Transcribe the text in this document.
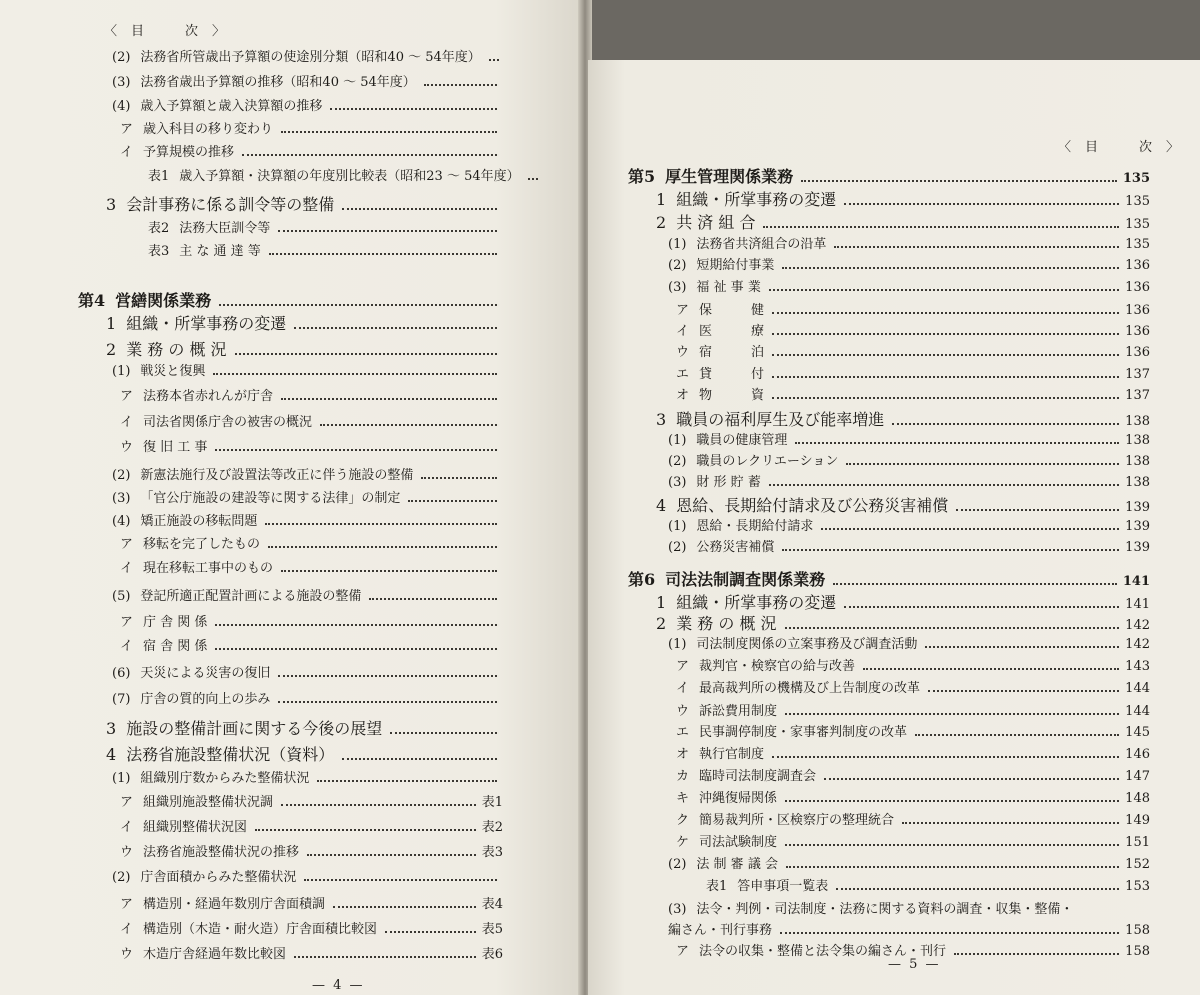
〈目　次〉
(2) 法務省所管歳出予算額の使途別分類（昭和40 ～ 54年度）
(3) 法務省歳出予算額の推移（昭和40 ～ 54年度）
(4) 歳入予算額と歳入決算額の推移
ア 歳入科目の移り変わり
イ 予算規模の推移
表1 歳入予算額・決算額の年度別比較表（昭和23 ～ 54年度）
3 会計事務に係る訓令等の整備
表2 法務大臣訓令等
表3 主 な 通 達 等
第4 営繕関係業務
1 組織・所掌事務の変遷
2 業 務 の 概 況
(1) 戦災と復興
ア 法務本省赤れんが庁舎
イ 司法省関係庁舎の被害の概況
ウ 復 旧 工 事
(2) 新憲法施行及び設置法等改正に伴う施設の整備
(3) 「官公庁施設の建設等に関する法律」の制定
(4) 矯正施設の移転問題
ア 移転を完了したもの
イ 現在移転工事中のもの
(5) 登記所適正配置計画による施設の整備
ア 庁 舎 関 係
イ 宿 舎 関 係
(6) 天災による災害の復旧
(7) 庁舎の質的向上の歩み
3 施設の整備計画に関する今後の展望
4 法務省施設整備状況（資料）
(1) 組織別庁数からみた整備状況
ア 組織別施設整備状況調	表1
イ 組織別整備状況図	表2
ウ 法務省施設整備状況の推移	表3
(2) 庁舎面積からみた整備状況
ア 構造別・経過年数別庁舎面積調	表4
イ 構造別（木造・耐火造）庁舎面積比較図	表5
ウ 木造庁舎経過年数比較図	表6
— 4 —
〈目　次〉
第5 厚生管理関係業務	135
1 組織・所掌事務の変遷	135
2 共 済 組 合	135
(1) 法務省共済組合の沿革	135
(2) 短期給付事業	136
(3) 福 祉 事 業	136
ア 保　　　健	136
イ 医　　　療	136
ウ 宿　　　泊	136
エ 貸　　　付	137
オ 物　　　資	137
3 職員の福利厚生及び能率増進	138
(1) 職員の健康管理	138
(2) 職員のレクリエーション	138
(3) 財 形 貯 蓄	138
4 恩給、長期給付請求及び公務災害補償	139
(1) 恩給・長期給付請求	139
(2) 公務災害補償	139
第6 司法法制調査関係業務	141
1 組織・所掌事務の変遷	141
2 業 務 の 概 況	142
(1) 司法制度関係の立案事務及び調査活動	142
ア 裁判官・検察官の給与改善	143
イ 最高裁判所の機構及び上告制度の改革	144
ウ 訴訟費用制度	144
エ 民事調停制度・家事審判制度の改革	145
オ 執行官制度	146
カ 臨時司法制度調査会	147
キ 沖縄復帰関係	148
ク 簡易裁判所・区検察庁の整理統合	149
ケ 司法試験制度	151
(2) 法 制 審 議 会	152
表1 答申事項一覧表	153
(3) 法令・判例・司法制度・法務に関する資料の調査・収集・整備・
編さん・刊行事務	158
ア 法令の収集・整備と法令集の編さん・刊行	158
— 5 —
